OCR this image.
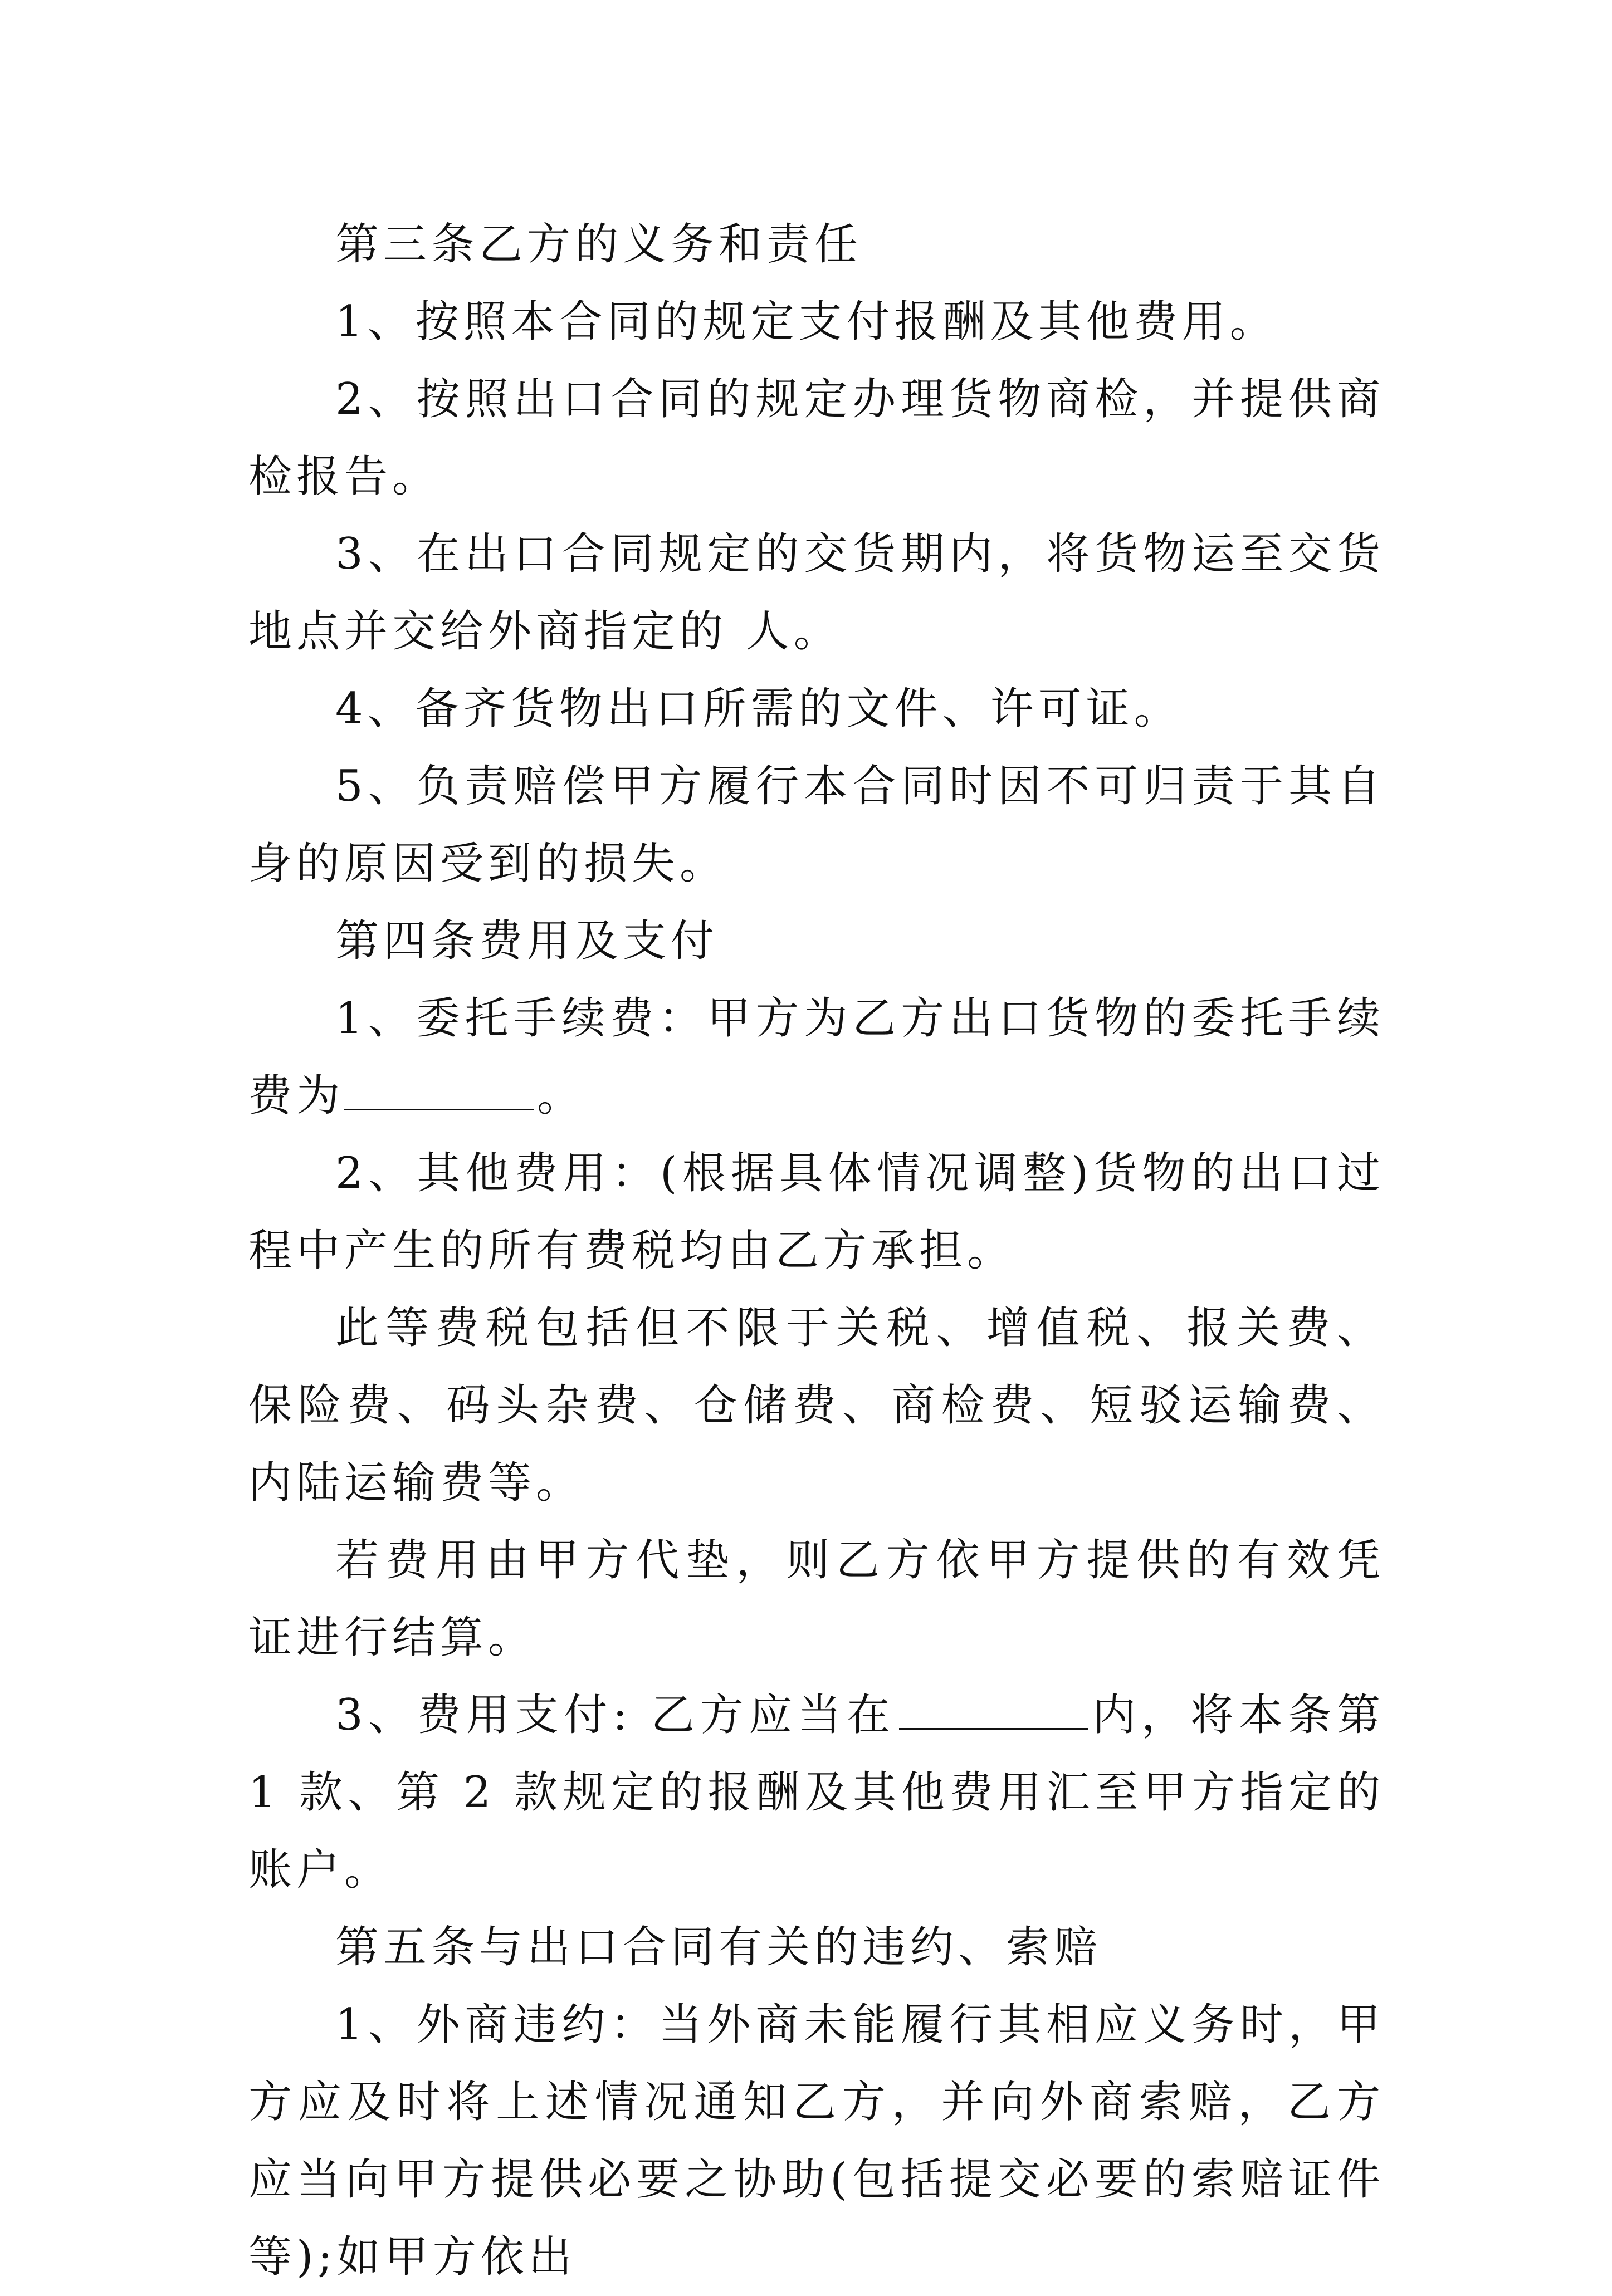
第三条乙方的义务和责任

1、按照本合同的规定支付报酬及其他费用。

2、按照出口合同的规定办理货物商检，并提供商检报告。

3、在出口合同规定的交货期内，将货物运至交货地点并交给外商指定的 人。

4、备齐货物出口所需的文件、许可证。

5、负责赔偿甲方履行本合同时因不可归责于其自身的原因受到的损失。

第四条费用及支付

1、委托手续费：甲方为乙方出口货物的委托手续费为	。

2、其他费用：(根据具体情况调整)货物的出口过程中产生的所有费税均由乙方承担。

此等费税包括但不限于关税、增值税、报关费、保险费、码头杂费、仓储费、商检费、短驳运输费、内陆运输费等。

若费用由甲方代垫，则乙方依甲方提供的有效凭证进行结算。

3、费用支付: 乙方应当在	内，将本条第 1 款、第 2 款规定的报酬及其他费用汇至甲方指定的账户。

第五条与出口合同有关的违约、索赔

1、外商违约：当外商未能履行其相应义务时，甲方应及时将上述情况通知乙方，并向外商索赔，乙方应当向甲方提供必要之协助(包括提交必要的索赔证件等);如甲方依出
